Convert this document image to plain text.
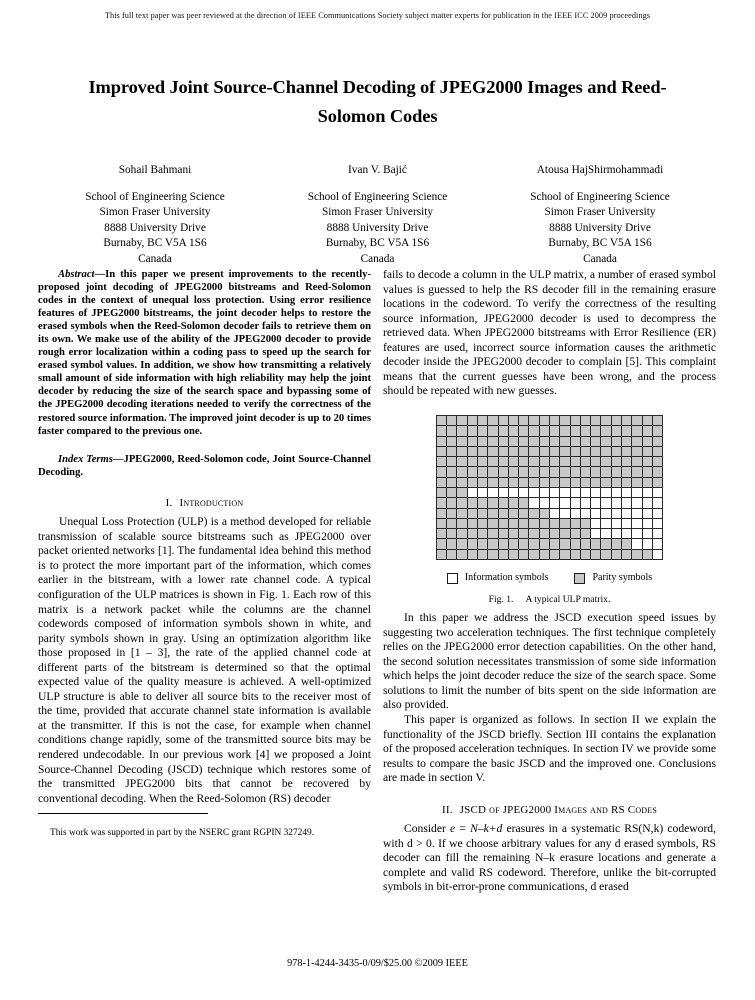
This full text paper was peer reviewed at the direction of IEEE Communications Society subject matter experts for publication in the IEEE ICC 2009 proceedings
Improved Joint Source-Channel Decoding of JPEG2000 Images and Reed-Solomon Codes
Sohail Bahmani
School of Engineering Science
Simon Fraser University
8888 University Drive
Burnaby, BC V5A 1S6
Canada
Ivan V. Bajić
School of Engineering Science
Simon Fraser University
8888 University Drive
Burnaby, BC V5A 1S6
Canada
Atousa HajShirmohammadi
School of Engineering Science
Simon Fraser University
8888 University Drive
Burnaby, BC V5A 1S6
Canada

Abstract—In this paper we present improvements to the recently-proposed joint decoding of JPEG2000 bitstreams and Reed-Solomon codes in the context of unequal loss protection. Using error resilience features of JPEG2000 bitstreams, the joint decoder helps to restore the erased symbols when the Reed-Solomon decoder fails to retrieve them on its own. We make use of the ability of the JPEG2000 decoder to provide rough error localization within a coding pass to speed up the search for erased symbol values. In addition, we show how transmitting a relatively small amount of side information with high reliability may help the joint decoder by reducing the size of the search space and bypassing some of the JPEG2000 decoding iterations needed to verify the correctness of the restored source information. The improved joint decoder is up to 20 times faster compared to the previous one.

Index Terms—JPEG2000, Reed-Solomon code, Joint Source-Channel Decoding.

I. Introduction

Unequal Loss Protection (ULP) is a method developed for reliable transmission of scalable source bitstreams such as JPEG2000 over packet oriented networks [1]. The fundamental idea behind this method is to protect the more important part of the information, which comes earlier in the bitstream, with a lower rate channel code. A typical configuration of the ULP matrices is shown in Fig. 1. Each row of this matrix is a network packet while the columns are the channel codewords composed of information symbols shown in white, and parity symbols shown in gray. Using an optimization algorithm like those proposed in [1 – 3], the rate of the applied channel code at different parts of the bitstream is determined so that the optimal expected value of the quality measure is achieved. A well-optimized ULP structure is able to deliver all source bits to the receiver most of the time, provided that accurate channel state information is available at the transmitter. If this is not the case, for example when channel conditions change rapidly, some of the transmitted source bits may be rendered undecodable. In our previous work [4] we proposed a Joint Source-Channel Decoding (JSCD) technique which restores some of the transmitted JPEG2000 bits that cannot be recovered by conventional decoding. When the Reed-Solomon (RS) decoder

This work was supported in part by the NSERC grant RGPIN 327249.

fails to decode a column in the ULP matrix, a number of erased symbol values is guessed to help the RS decoder fill in the remaining erasure locations in the codeword. To verify the correctness of the resulting source information, JPEG2000 decoder is used to decompress the retrieved data. When JPEG2000 bitstreams with Error Resilience (ER) features are used, incorrect source information causes the arithmetic decoder inside the JPEG2000 decoder to complain [5]. This complaint means that the current guesses have been wrong, and the process should be repeated with new guesses.

Information symbols	Parity symbols
Fig. 1. A typical ULP matrix.

In this paper we address the JSCD execution speed issues by suggesting two acceleration techniques. The first technique completely relies on the JPEG2000 error detection capabilities. On the other hand, the second solution necessitates transmission of some side information which helps the joint decoder reduce the size of the search space. Some solutions to limit the number of bits spent on the side information are also provided.

This paper is organized as follows. In section II we explain the functionality of the JSCD briefly. Section III contains the explanation of the proposed acceleration techniques. In section IV we provide some results to compare the basic JSCD and the improved one. Conclusions are made in section V.

II. JSCD of JPEG2000 Images and RS Codes

Consider e = N–k+d erasures in a systematic RS(N,k) codeword, with d > 0. If we choose arbitrary values for any d erased symbols, RS decoder can fill the remaining N–k erasure locations and generate a complete and valid RS codeword. Therefore, unlike the bit-corrupted symbols in bit-error-prone communications, d erased

978-1-4244-3435-0/09/$25.00 ©2009 IEEE
